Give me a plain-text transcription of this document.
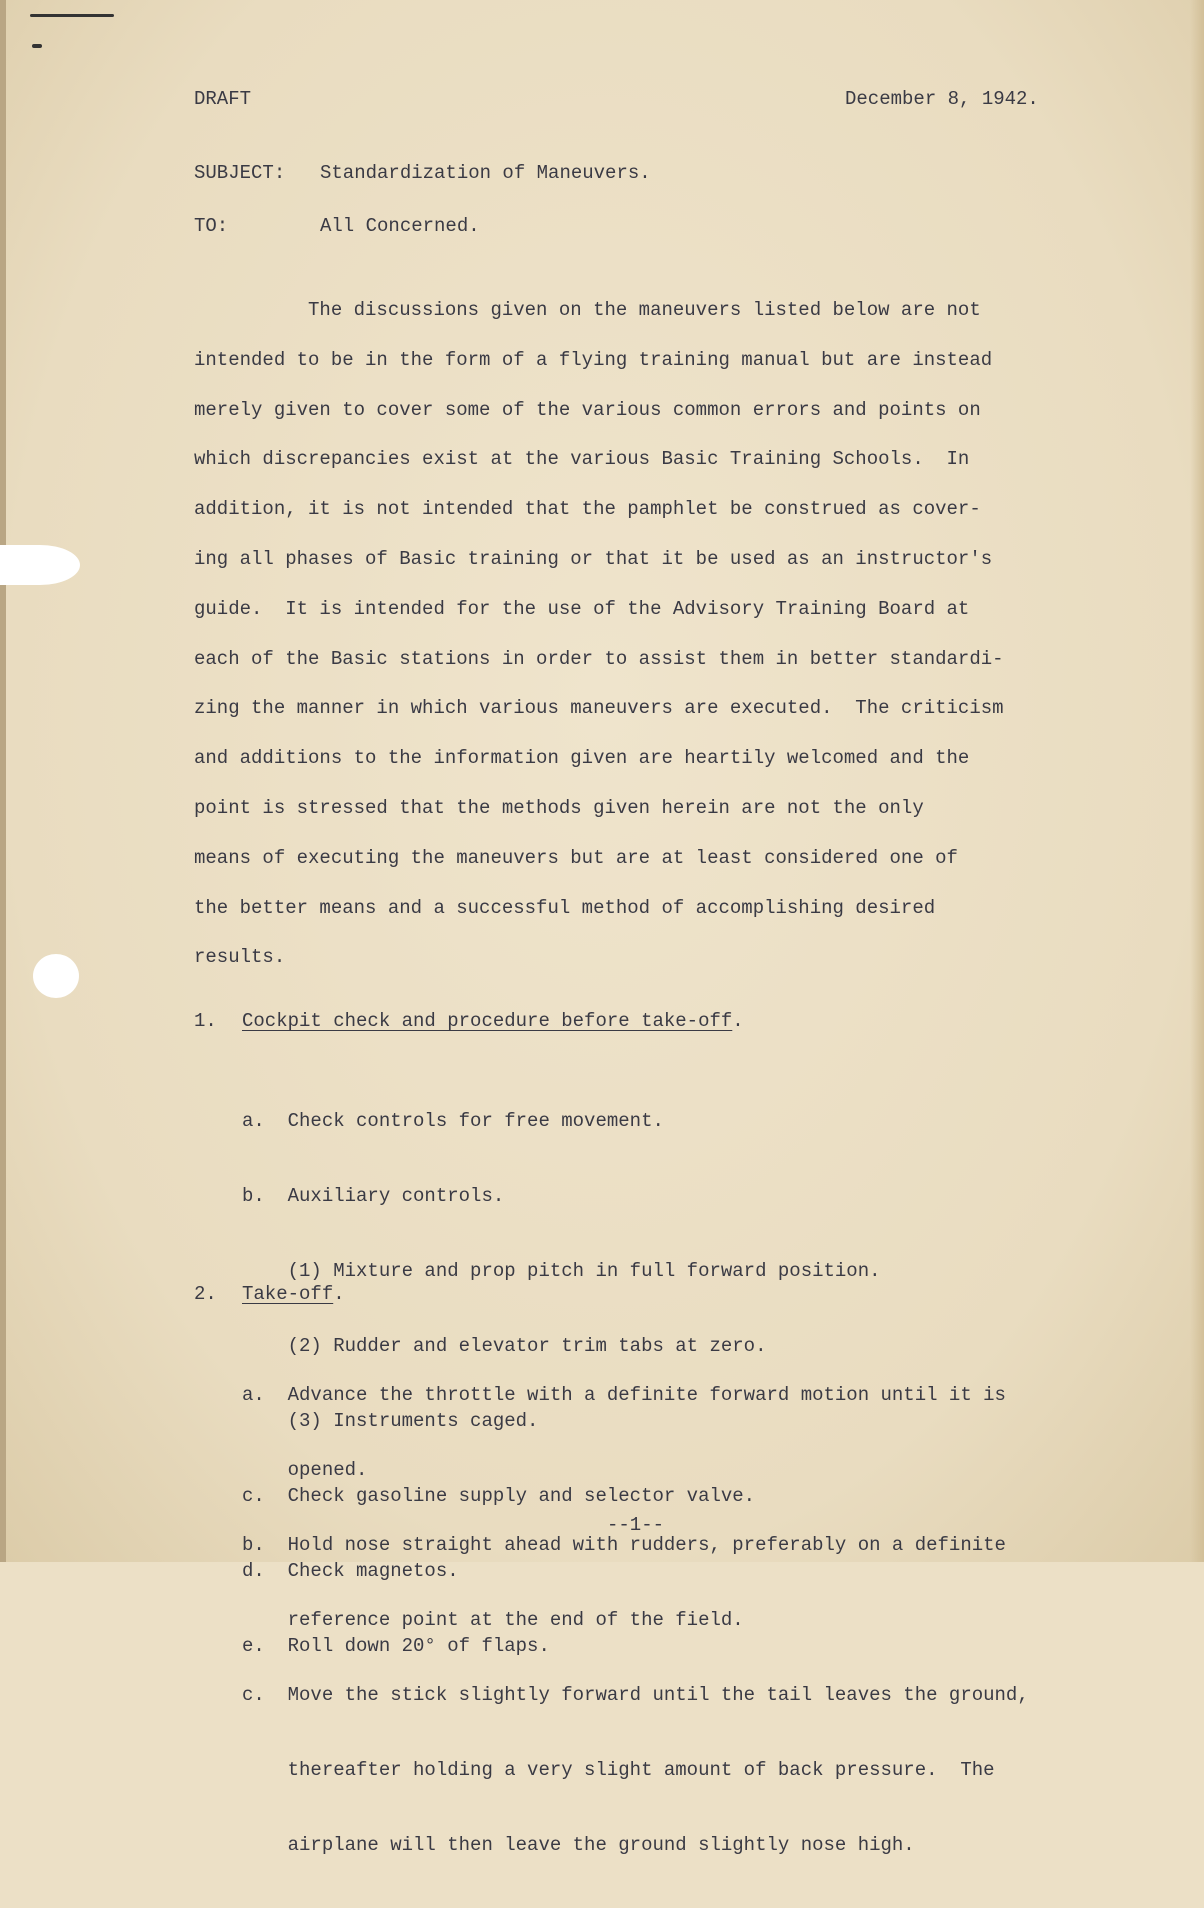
DRAFT	December 8, 1942.

SUBJECT: Standardization of Maneuvers.

TO:	All Concerned.

The discussions given on the maneuvers listed below are not
intended to be in the form of a flying training manual but are instead
merely given to cover some of the various common errors and points on
which discrepancies exist at the various Basic Training Schools.  In
addition, it is not intended that the pamphlet be construed as cover-
ing all phases of Basic training or that it be used as an instructor's
guide.  It is intended for the use of the Advisory Training Board at
each of the Basic stations in order to assist them in better standardi-
zing the manner in which various maneuvers are executed.  The criticism
and additions to the information given are heartily welcomed and the
point is stressed that the methods given herein are not the only
means of executing the maneuvers but are at least considered one of
the better means and a successful method of accomplishing desired
results.

1. Cockpit check and procedure before take-off.

a.  Check controls for free movement.

b.  Auxiliary controls.

(1) Mixture and prop pitch in full forward position.

(2) Rudder and elevator trim tabs at zero.

(3) Instruments caged.

c.  Check gasoline supply and selector valve.

d.  Check magnetos.

e.  Roll down 20° of flaps.

2. Take-off.

a.  Advance the throttle with a definite forward motion until it is

opened.

b.  Hold nose straight ahead with rudders, preferably on a definite

reference point at the end of the field.

c.  Move the stick slightly forward until the tail leaves the ground,

thereafter holding a very slight amount of back pressure.  The

airplane will then leave the ground slightly nose high.

--1--
